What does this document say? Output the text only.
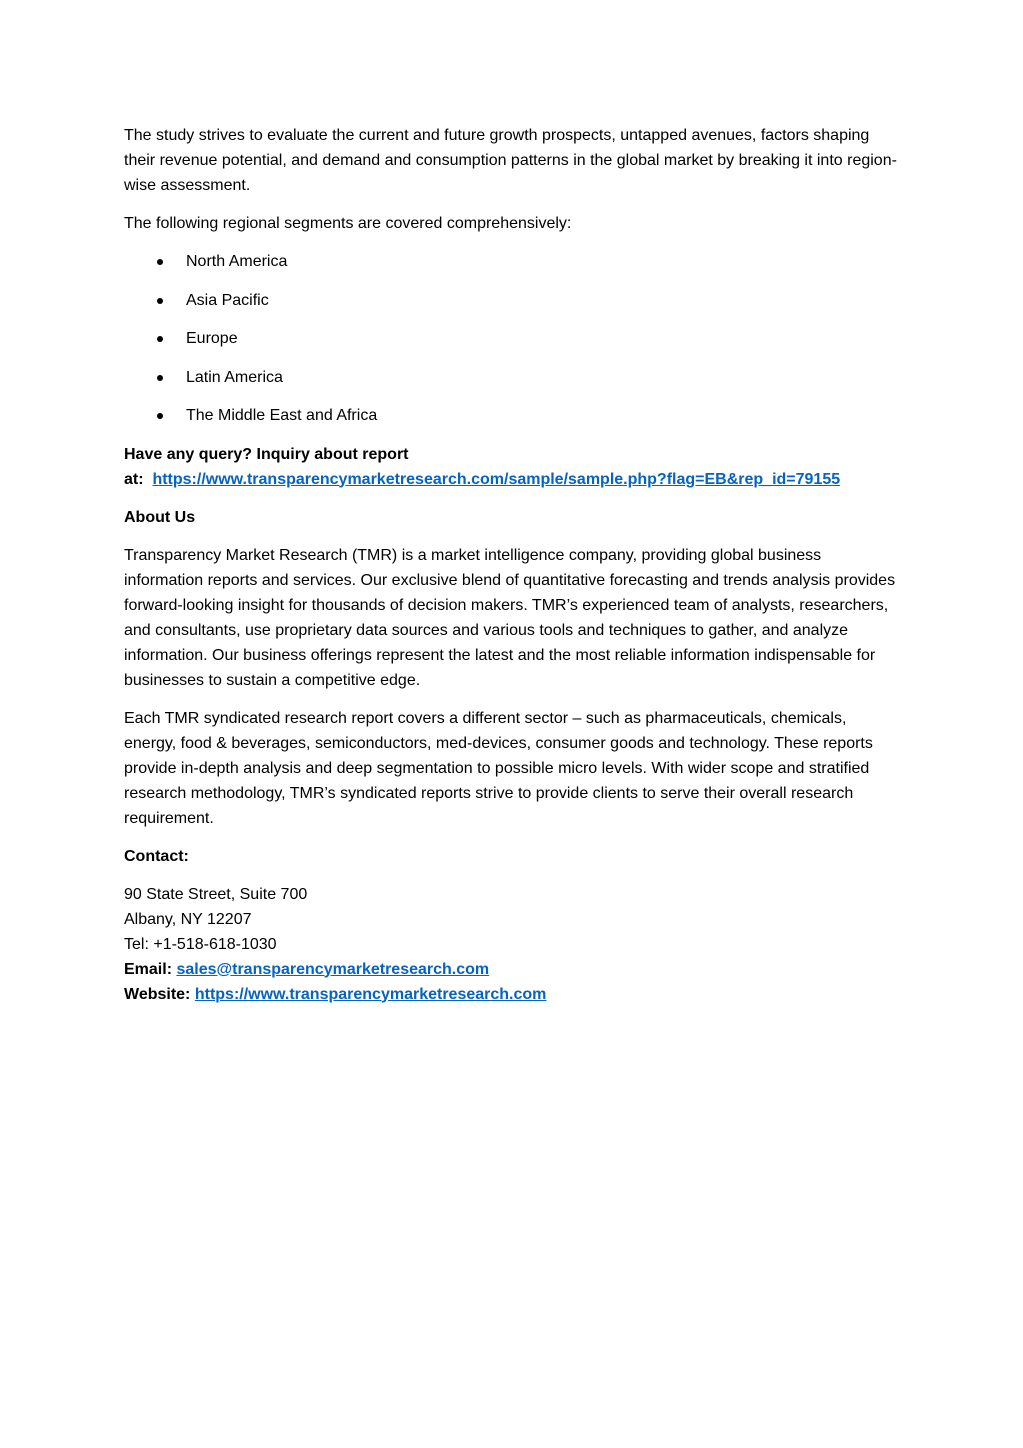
The study strives to evaluate the current and future growth prospects, untapped avenues, factors shaping their revenue potential, and demand and consumption patterns in the global market by breaking it into region-wise assessment.

The following regional segments are covered comprehensively:

North America
Asia Pacific
Europe
Latin America
The Middle East and Africa

Have any query? Inquiry about report
at: https://www.transparencymarketresearch.com/sample/sample.php?flag=EB&rep_id=79155

About Us

Transparency Market Research (TMR) is a market intelligence company, providing global business information reports and services. Our exclusive blend of quantitative forecasting and trends analysis provides forward-looking insight for thousands of decision makers. TMR’s experienced team of analysts, researchers, and consultants, use proprietary data sources and various tools and techniques to gather, and analyze information. Our business offerings represent the latest and the most reliable information indispensable for businesses to sustain a competitive edge.

Each TMR syndicated research report covers a different sector – such as pharmaceuticals, chemicals, energy, food & beverages, semiconductors, med-devices, consumer goods and technology. These reports provide in-depth analysis and deep segmentation to possible micro levels. With wider scope and stratified research methodology, TMR’s syndicated reports strive to provide clients to serve their overall research requirement.

Contact:

90 State Street, Suite 700
Albany, NY 12207
Tel: +1-518-618-1030
Email: sales@transparencymarketresearch.com
Website: https://www.transparencymarketresearch.com
